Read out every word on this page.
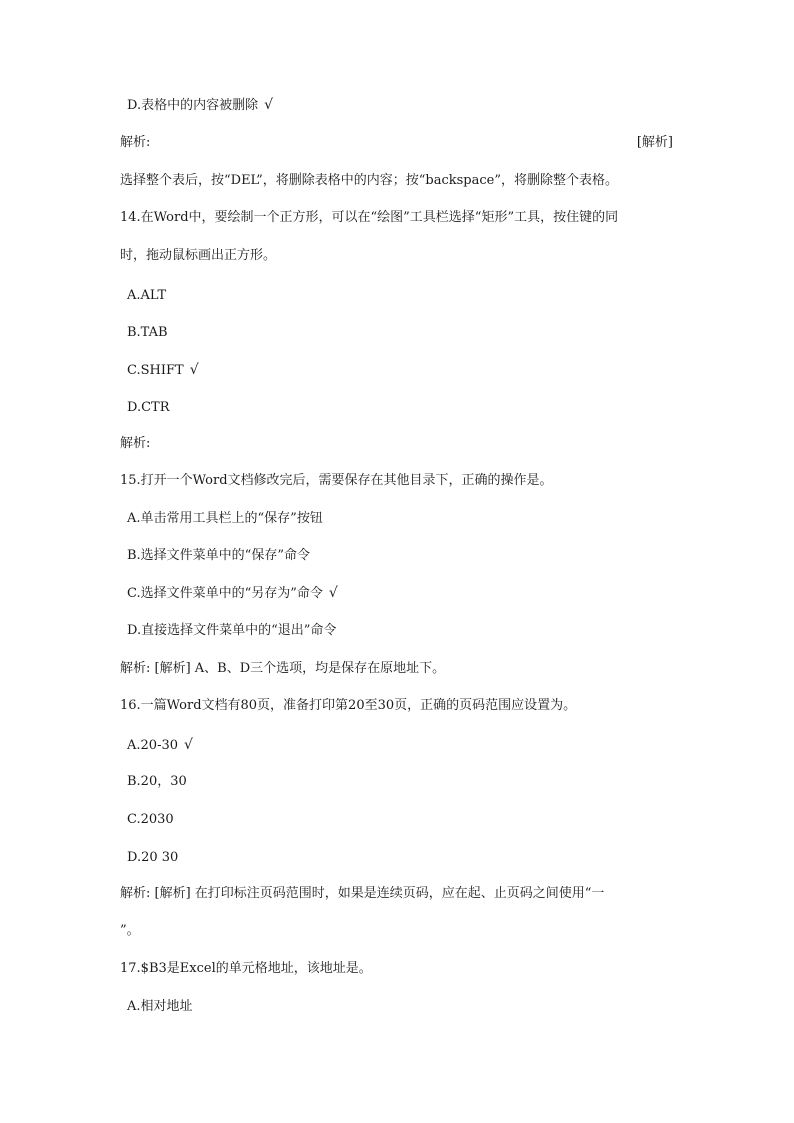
D.表格中的内容被删除 √
解析:	[解析]
选择整个表后，按“DEL”，将删除表格中的内容；按“backspace”，将删除整个表格。
14.在Word中，要绘制一个正方形，可以在“绘图”工具栏选择“矩形”工具，按住键的同
时，拖动鼠标画出正方形。
A.ALT
B.TAB
C.SHIFT √
D.CTR
解析:
15.打开一个Word文档修改完后，需要保存在其他目录下，正确的操作是。
A.单击常用工具栏上的“保存”按钮
B.选择文件菜单中的“保存”命令
C.选择文件菜单中的“另存为”命令 √
D.直接选择文件菜单中的“退出”命令
解析: [解析] A、B、D三个选项，均是保存在原地址下。
16.一篇Word文档有80页，准备打印第20至30页，正确的页码范围应设置为。
A.20-30 √
B.20，30
C.2030
D.20 30
解析: [解析] 在打印标注页码范围时，如果是连续页码，应在起、止页码之间使用“一
”。
17.$B3是Excel的单元格地址，该地址是。
A.相对地址
